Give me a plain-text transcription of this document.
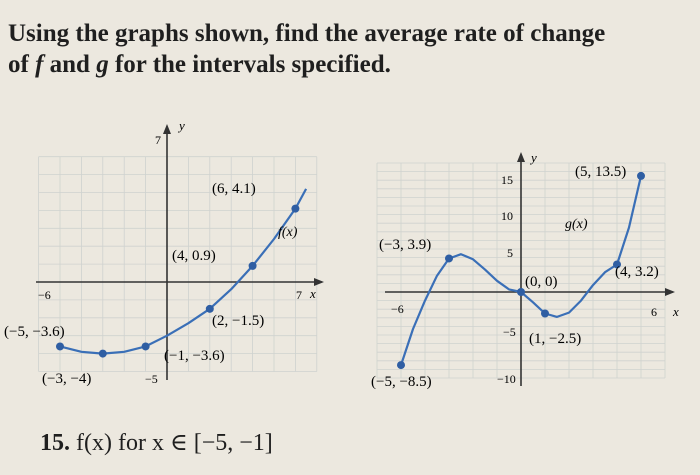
Using the graphs shown, find the average rate of change
of f and g for the intervals specified.
y
x
7
−6	7
−5
f(x)
(6, 4.1)
(4, 0.9)
(2, −1.5)
(−1, −3.6)
(−3, −4)
(−5, −3.6)
y
x
15
10
5
−5
−10
−6	6
g(x)
(5, 13.5)
(−3, 3.9)
(0, 0)
(4, 3.2)
(1, −2.5)
(−5, −8.5)
15. f(x) for x ∈ [−5, −1]
